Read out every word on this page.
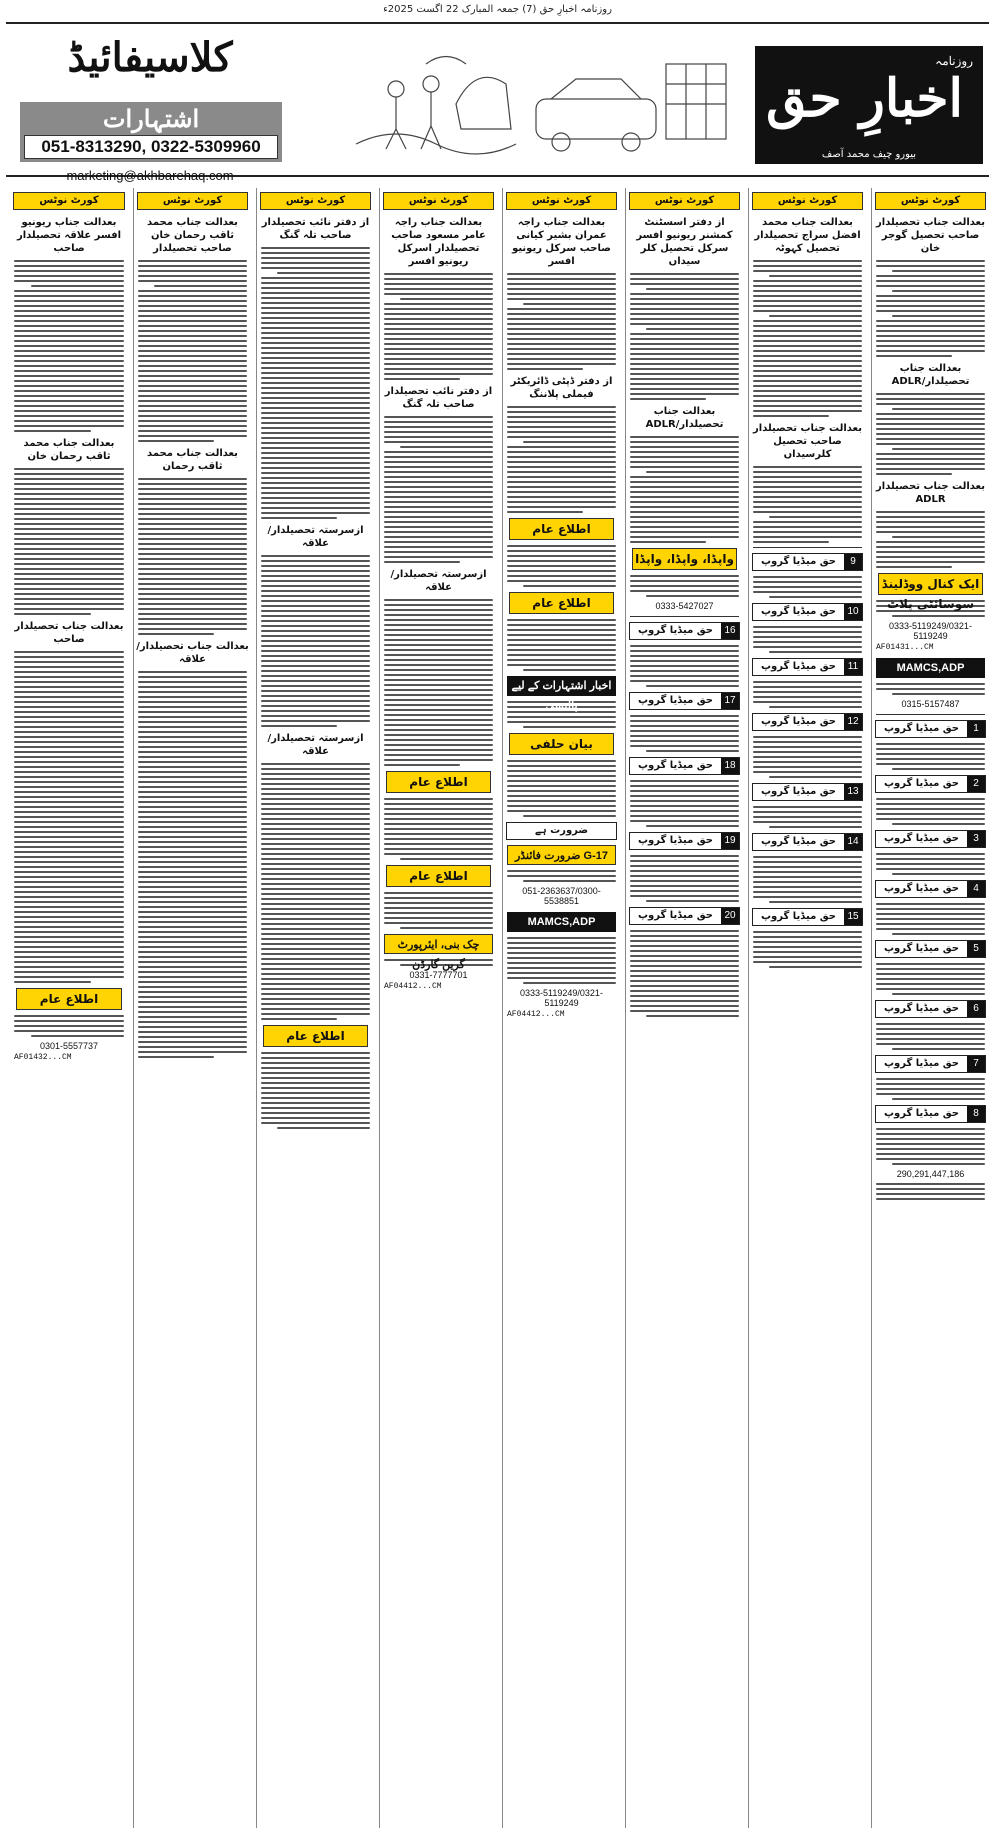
روزنامہ اخبارِ حق (7) جمعہ المبارک 22 اگست 2025ء
کلاسیفائیڈ
اشتہارات
051-8313290, 0322-5309960
marketing@akhbarehaq.com
روزنامہ
اخبارِ حق
بیورو چیف محمد آصف
کورٹ نوٹس
بعدالت جناب تحصیلدار صاحب تحصیل گوجر خان
بعدالت جناب تحصیلدار/ADLR
بعدالت جناب تحصیلدار ADLR
ایک کنال ووڈلینڈ سوسائٹی پلاٹ
0333-5119249/0321-5119249
AF01431...CM
MAMCS,ADP
0315-5157487
1
حق میڈیا گروپ
2
حق میڈیا گروپ
3
حق میڈیا گروپ
4
حق میڈیا گروپ
5
حق میڈیا گروپ
6
حق میڈیا گروپ
7
حق میڈیا گروپ
8
حق میڈیا گروپ
290,291,447,186
کورٹ نوٹس
بعدالت جناب محمد افضل سراج تحصیلدار تحصیل کہوٹہ
بعدالت جناب تحصیلدار صاحب تحصیل کلرسیداں
9
حق میڈیا گروپ
10
حق میڈیا گروپ
11
حق میڈیا گروپ
12
حق میڈیا گروپ
13
حق میڈیا گروپ
14
حق میڈیا گروپ
15
حق میڈیا گروپ
کورٹ نوٹس
از دفتر اسسٹنٹ کمشنر ریونیو افسر سرکل تحصیل کلر سیداں
بعدالت جناب تحصیلدار/ADLR
واپڈا، واپڈا، واپڈا
0333-5427027
16
حق میڈیا گروپ
17
حق میڈیا گروپ
18
حق میڈیا گروپ
19
حق میڈیا گروپ
20
حق میڈیا گروپ
کورٹ نوٹس
بعدالت جناب راجہ عمران بشیر کیانی صاحب سرکل ریونیو افسر
از دفتر ڈپٹی ڈائریکٹر فیملی پلاننگ
اطلاع عام
اطلاع عام
اخبار اشتہارات کے لیے پالیسی
بیان حلفی
ضرورت ہے
G-17 ضرورت فائنڈر
051-2363637/0300-5538851
MAMCS,ADP
0333-5119249/0321-5119249
AF04412...CM
کورٹ نوٹس
بعدالت جناب راجہ عامر مسعود صاحب تحصیلدار اسرکل ریونیو افسر
از دفتر نائب تحصیلدار صاحب تلہ گنگ
ازسرستہ تحصیلدار/علاقہ
اطلاع عام
اطلاع عام
چک بنی، ایئرپورٹ گرین گارڈن
0331-7777701
AF04412...CM
کورٹ نوٹس
از دفتر نائب تحصیلدار صاحب تلہ گنگ
ازسرستہ تحصیلدار/علاقہ
ازسرستہ تحصیلدار/علاقہ
اطلاع عام
کورٹ نوٹس
بعدالت جناب محمد ثاقب رحمان خان صاحب تحصیلدار
بعدالت جناب محمد ثاقب رحمان
بعدالت جناب تحصیلدار/علاقہ
کورٹ نوٹس
بعدالت جناب ریونیو افسر علاقہ تحصیلدار صاحب
بعدالت جناب محمد ثاقب رحمان خان
بعدالت جناب تحصیلدار صاحب
اطلاع عام
0301-5557737
AF01432...CM
